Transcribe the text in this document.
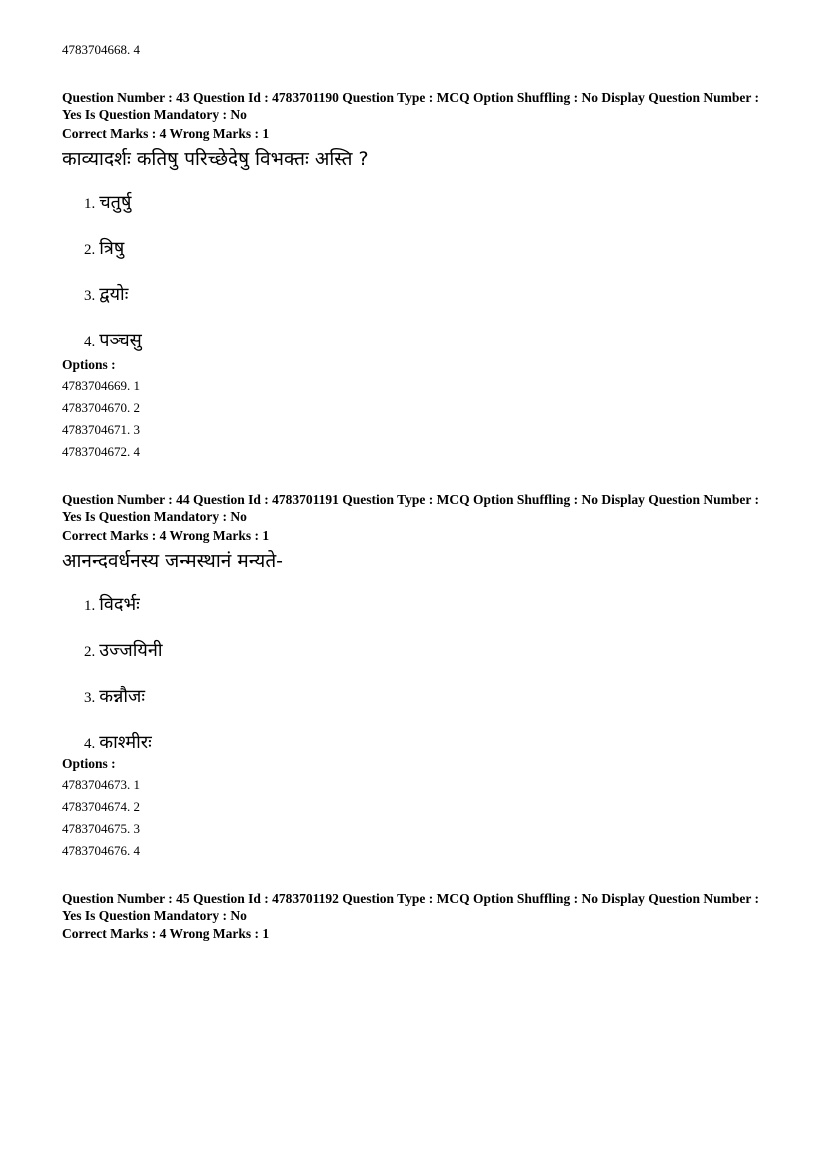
4783704668. 4
Question Number : 43 Question Id : 4783701190 Question Type : MCQ Option Shuffling : No Display Question Number : Yes Is Question Mandatory : No
Correct Marks : 4 Wrong Marks : 1
काव्यादर्शः कतिषु परिच्छेदेषु विभक्तः अस्ति ?
1. चतुर्षु
2. त्रिषु
3. द्वयोः
4. पञ्चसु
Options :
4783704669. 1
4783704670. 2
4783704671. 3
4783704672. 4
Question Number : 44 Question Id : 4783701191 Question Type : MCQ Option Shuffling : No Display Question Number : Yes Is Question Mandatory : No
Correct Marks : 4 Wrong Marks : 1
आनन्दवर्धनस्य जन्मस्थानं मन्यते-
1. विदर्भः
2. उज्जयिनी
3. कन्नौजः
4. काश्मीरः
Options :
4783704673. 1
4783704674. 2
4783704675. 3
4783704676. 4
Question Number : 45 Question Id : 4783701192 Question Type : MCQ Option Shuffling : No Display Question Number : Yes Is Question Mandatory : No
Correct Marks : 4 Wrong Marks : 1
